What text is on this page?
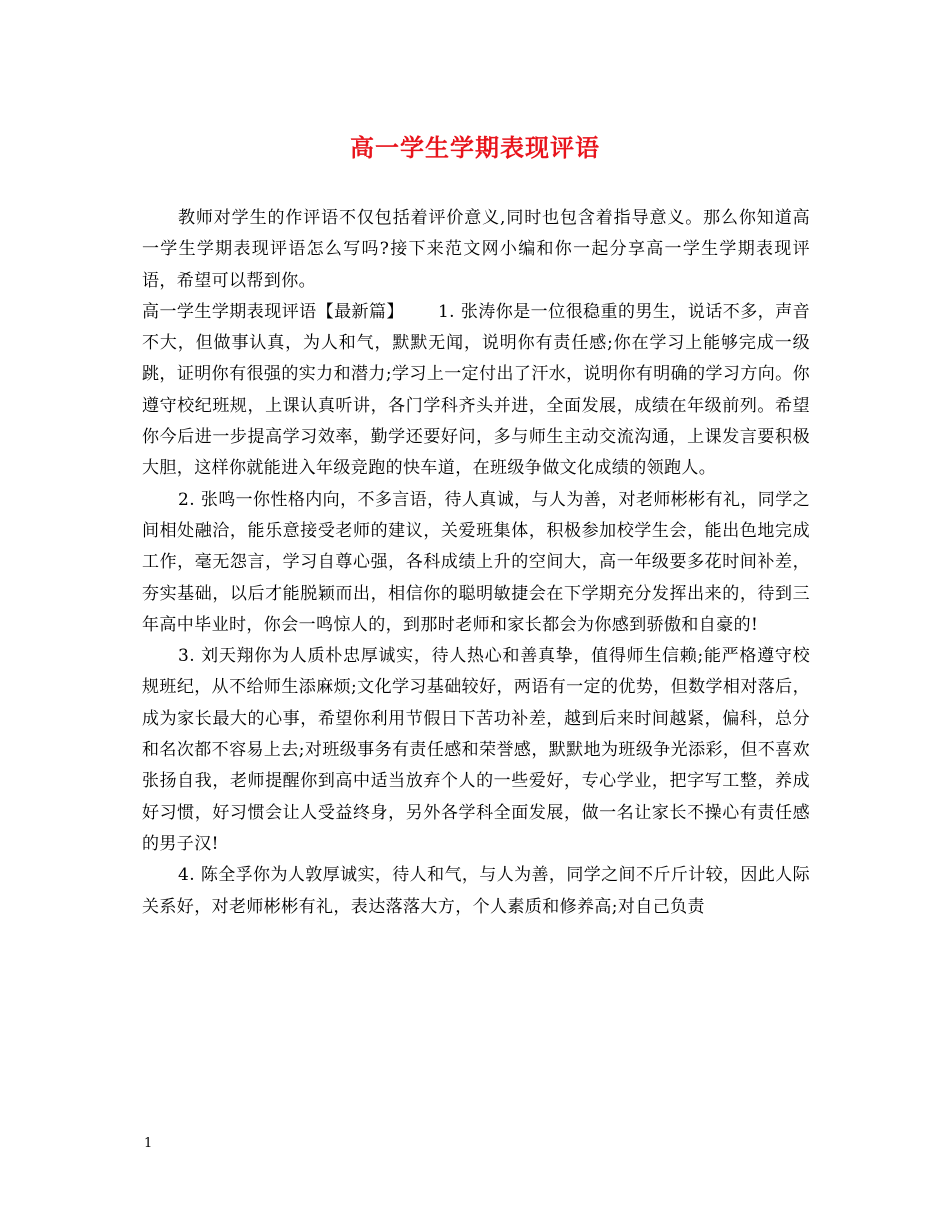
高一学生学期表现评语

教师对学生的作评语不仅包括着评价意义,同时也包含着指导意义。那么你知道高一学生学期表现评语怎么写吗?接下来范文网小编和你一起分享高一学生学期表现评语，希望可以帮到你。

高一学生学期表现评语【最新篇】 1. 张涛你是一位很稳重的男生，说话不多，声音不大，但做事认真，为人和气，默默无闻，说明你有责任感;你在学习上能够完成一级跳，证明你有很强的实力和潜力;学习上一定付出了汗水，说明你有明确的学习方向。你遵守校纪班规，上课认真听讲，各门学科齐头并进，全面发展，成绩在年级前列。希望你今后进一步提高学习效率，勤学还要好问，多与师生主动交流沟通，上课发言要积极大胆，这样你就能进入年级竞跑的快车道，在班级争做文化成绩的领跑人。

2. 张鸣一你性格内向，不多言语，待人真诚，与人为善，对老师彬彬有礼，同学之间相处融洽，能乐意接受老师的建议，关爱班集体，积极参加校学生会，能出色地完成工作，毫无怨言，学习自尊心强，各科成绩上升的空间大，高一年级要多花时间补差，夯实基础，以后才能脱颖而出，相信你的聪明敏捷会在下学期充分发挥出来的，待到三年高中毕业时，你会一鸣惊人的，到那时老师和家长都会为你感到骄傲和自豪的!

3. 刘天翔你为人质朴忠厚诚实，待人热心和善真挚，值得师生信赖;能严格遵守校规班纪，从不给师生添麻烦;文化学习基础较好，两语有一定的优势，但数学相对落后，成为家长最大的心事，希望你利用节假日下苦功补差，越到后来时间越紧，偏科，总分和名次都不容易上去;对班级事务有责任感和荣誉感，默默地为班级争光添彩，但不喜欢张扬自我，老师提醒你到高中适当放弃个人的一些爱好，专心学业，把字写工整，养成好习惯，好习惯会让人受益终身，另外各学科全面发展，做一名让家长不操心有责任感的男子汉!

4. 陈全孚你为人敦厚诚实，待人和气，与人为善，同学之间不斤斤计较，因此人际关系好，对老师彬彬有礼，表达落落大方，个人素质和修养高;对自己负责

1
